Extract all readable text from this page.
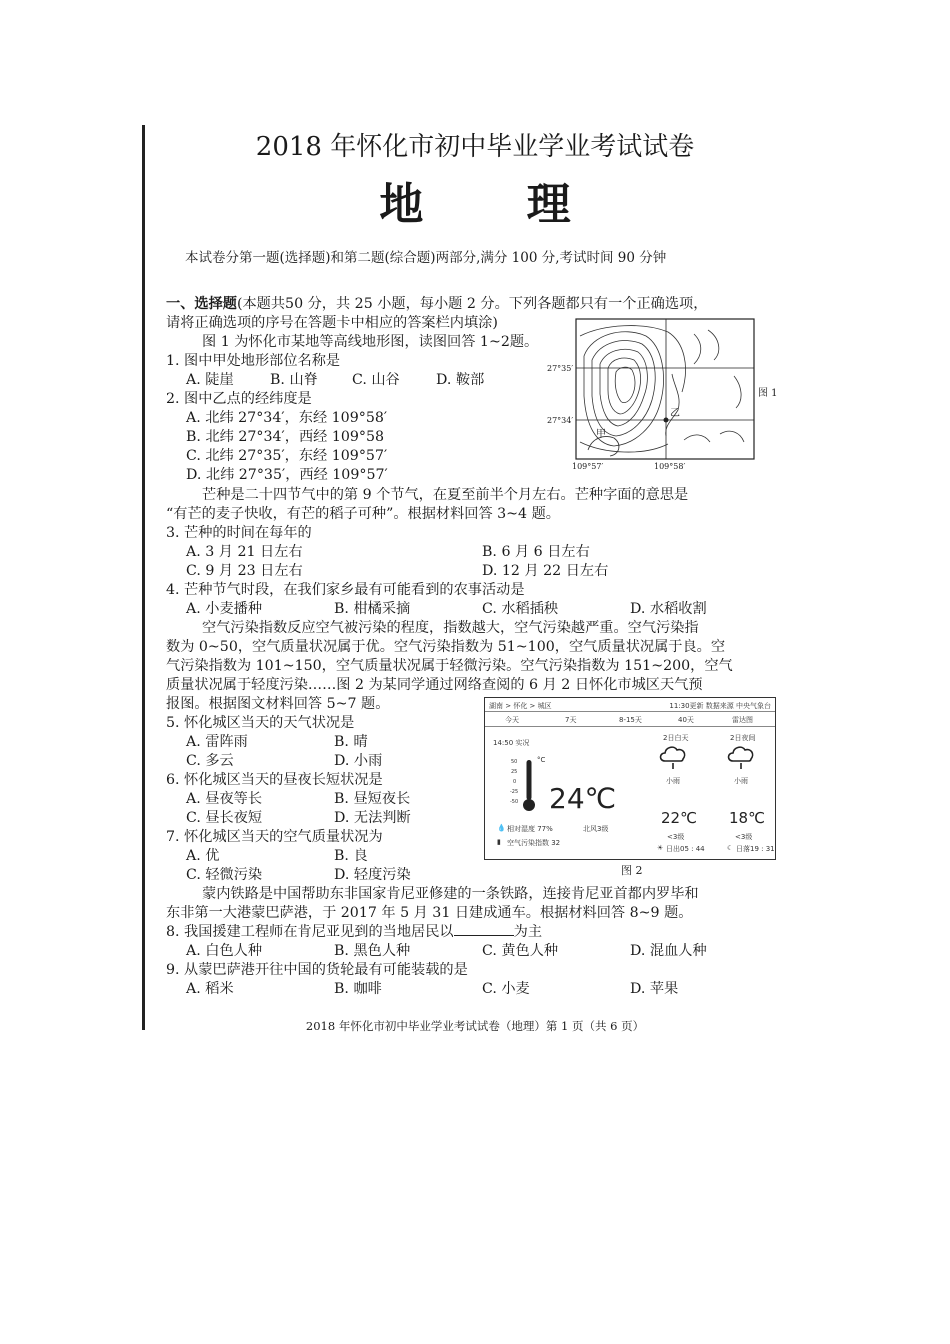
2018 年怀化市初中毕业学业考试试卷
地 理
本试卷分第一题(选择题)和第二题(综合题)两部分,满分 100 分,考试时间 90 分钟
一、选择题(本题共50 分，共 25 小题，每小题 2 分。下列各题都只有一个正确选项，
请将正确选项的序号在答题卡中相应的答案栏内填涂)
图 1 为怀化市某地等高线地形图，读图回答 1~2题。
1. 图中甲处地形部位名称是
A. 陡崖	B. 山脊 C. 山谷	D. 鞍部
2. 图中乙点的经纬度是
A. 北纬 27°34′，东经 109°58′
B. 北纬 27°34′，西经 109°58
C. 北纬 27°35′，东经 109°57′
D. 北纬 27°35′，西经 109°57′
乙
甲
27°35′
27°34′
109°57′	109°58′
图 1
芒种是二十四节气中的第 9 个节气，在夏至前半个月左右。芒种字面的意思是
“有芒的麦子快收，有芒的稻子可种”。根据材料回答 3~4 题。
3. 芒种的时间在每年的
A. 3 月 21 日左右	B. 6 月 6 日左右
C. 9 月 23 日左右	D. 12 月 22 日左右
4. 芒种节气时段，在我们家乡最有可能看到的农事活动是
A. 小麦播种	B. 柑橘采摘	C. 水稻插秧	D. 水稻收割
空气污染指数反应空气被污染的程度，指数越大，空气污染越严重。空气污染指
数为 0~50，空气质量状况属于优。空气污染指数为 51~100，空气质量状况属于良。空
气污染指数为 101~150，空气质量状况属于轻微污染。空气污染指数为 151~200，空气
质量状况属于轻度污染……图 2 为某同学通过网络查阅的 6 月 2 日怀化市城区天气预
报图。根据图文材料回答 5~7 题。
5. 怀化城区当天的天气状况是
A. 雷阵雨	B. 晴
C. 多云	D. 小雨
6. 怀化城区当天的昼夜长短状况是
A. 昼夜等长	B. 昼短夜长
C. 昼长夜短	D. 无法判断
7. 怀化城区当天的空气质量状况为
A. 优	B. 良
C. 轻微污染	D. 轻度污染
湖南 > 怀化 > 城区	11:30更新 数据来源 中央气象台
今天	7天	8-15天	40天	雷达图
14:50 实况
°C
50
25
0
-25
-50 24℃
💧 相对湿度 77%	北风3级
▮ 空气污染指数 32
2日白天	2日夜间
小雨	小雨
22℃ 18℃
<3级	<3级
☀ 日出05 : 44	☾ 日落19 : 31
图 2
蒙内铁路是中国帮助东非国家肯尼亚修建的一条铁路，连接肯尼亚首都内罗毕和
东非第一大港蒙巴萨港，于 2017 年 5 月 31 日建成通车。根据材料回答 8~9 题。
8. 我国援建工程师在肯尼亚见到的当地居民以	为主
A. 白色人种	B. 黑色人种	C. 黄色人种	D. 混血人种
9. 从蒙巴萨港开往中国的货轮最有可能装载的是
A. 稻米	B. 咖啡	C. 小麦	D. 苹果
2018 年怀化市初中毕业学业考试试卷（地理）第 1 页（共 6 页）
